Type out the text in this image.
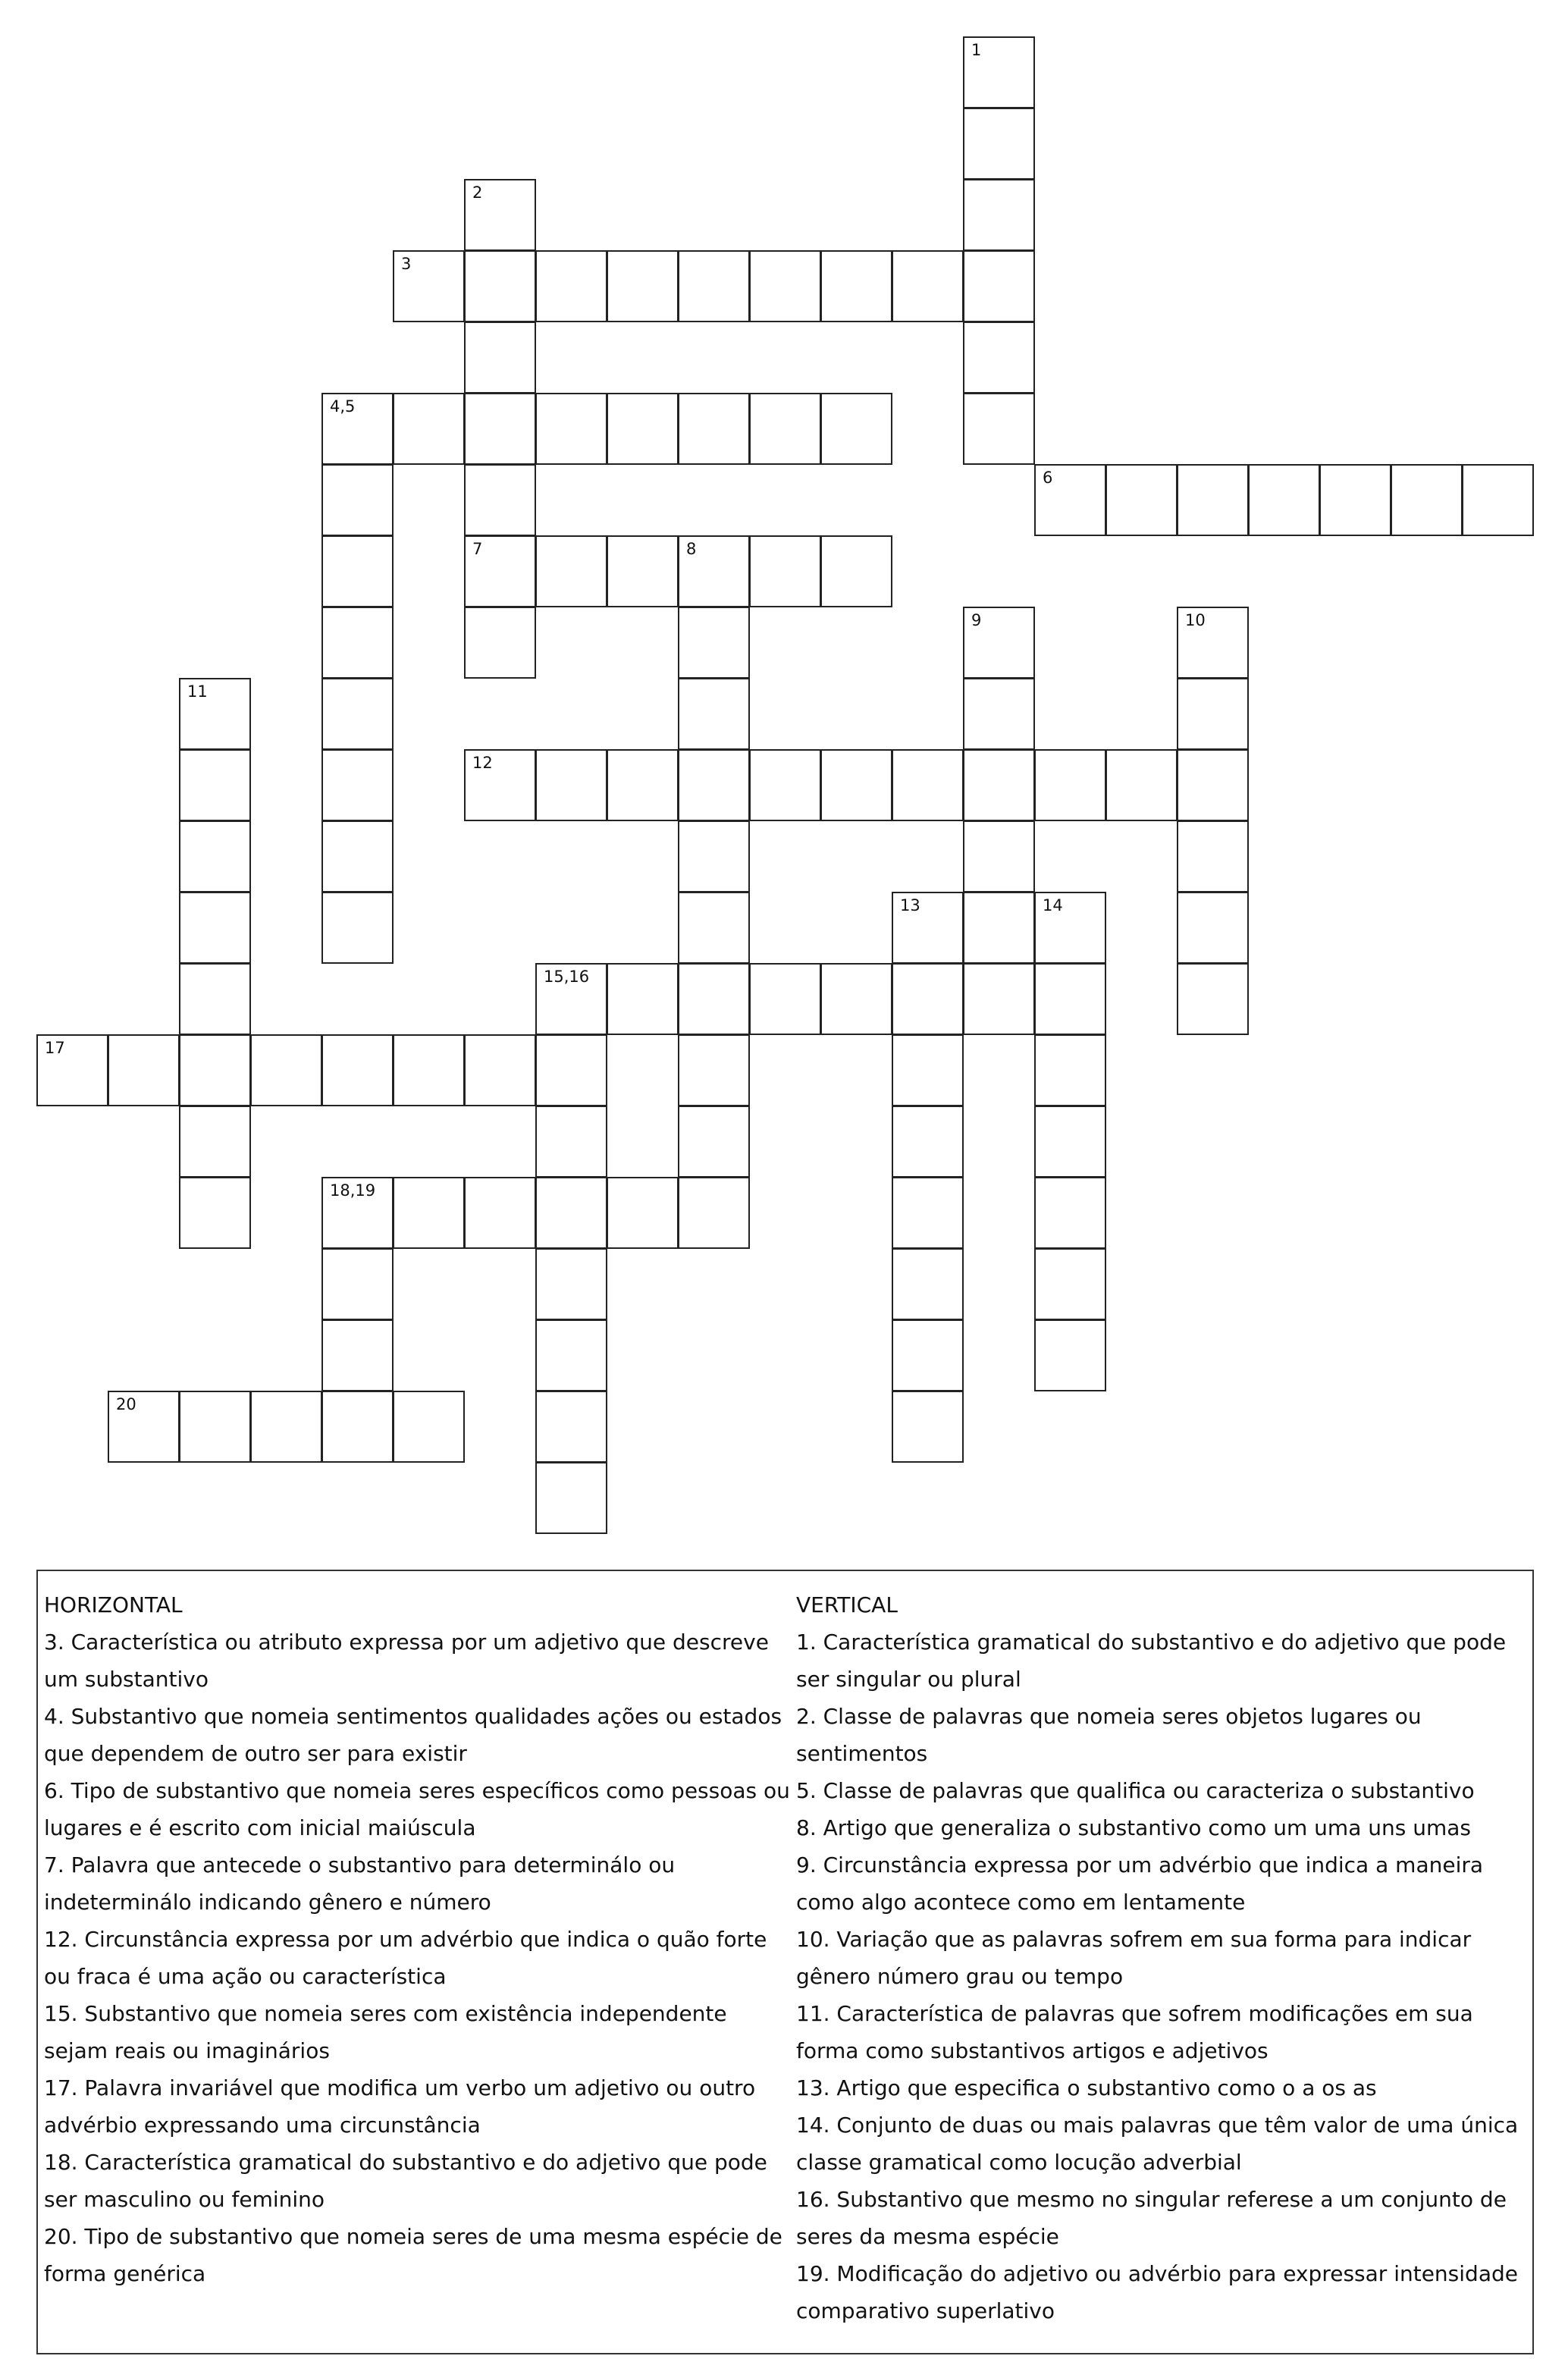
1
2
7
3
4,5
6
8
9	10
11
12
13	14
15,16
17
18,19
20
HORIZONTAL
3. Característica ou atributo expressa por um adjetivo que descreve um substantivo
4. Substantivo que nomeia sentimentos qualidades ações ou estados que dependem de outro ser para existir
6. Tipo de substantivo que nomeia seres específicos como pessoas ou lugares e é escrito com inicial maiúscula
7. Palavra que antecede o substantivo para determinálo ou indeterminálo indicando gênero e número
12. Circunstância expressa por um advérbio que indica o quão forte ou fraca é uma ação ou característica
15. Substantivo que nomeia seres com existência independente sejam reais ou imaginários
17. Palavra invariável que modifica um verbo um adjetivo ou outro advérbio expressando uma circunstância
18. Característica gramatical do substantivo e do adjetivo que pode ser masculino ou feminino
20. Tipo de substantivo que nomeia seres de uma mesma espécie de forma genérica
VERTICAL
1. Característica gramatical do substantivo e do adjetivo que pode ser singular ou plural
2. Classe de palavras que nomeia seres objetos lugares ou sentimentos
5. Classe de palavras que qualifica ou caracteriza o substantivo
8. Artigo que generaliza o substantivo como um uma uns umas
9. Circunstância expressa por um advérbio que indica a maneira como algo acontece como em lentamente
10. Variação que as palavras sofrem em sua forma para indicar gênero número grau ou tempo
11. Característica de palavras que sofrem modificações em sua forma como substantivos artigos e adjetivos
13. Artigo que especifica o substantivo como o a os as
14. Conjunto de duas ou mais palavras que têm valor de uma única classe gramatical como locução adverbial
16. Substantivo que mesmo no singular referese a um conjunto de seres da mesma espécie
19. Modificação do adjetivo ou advérbio para expressar intensidade comparativo superlativo
